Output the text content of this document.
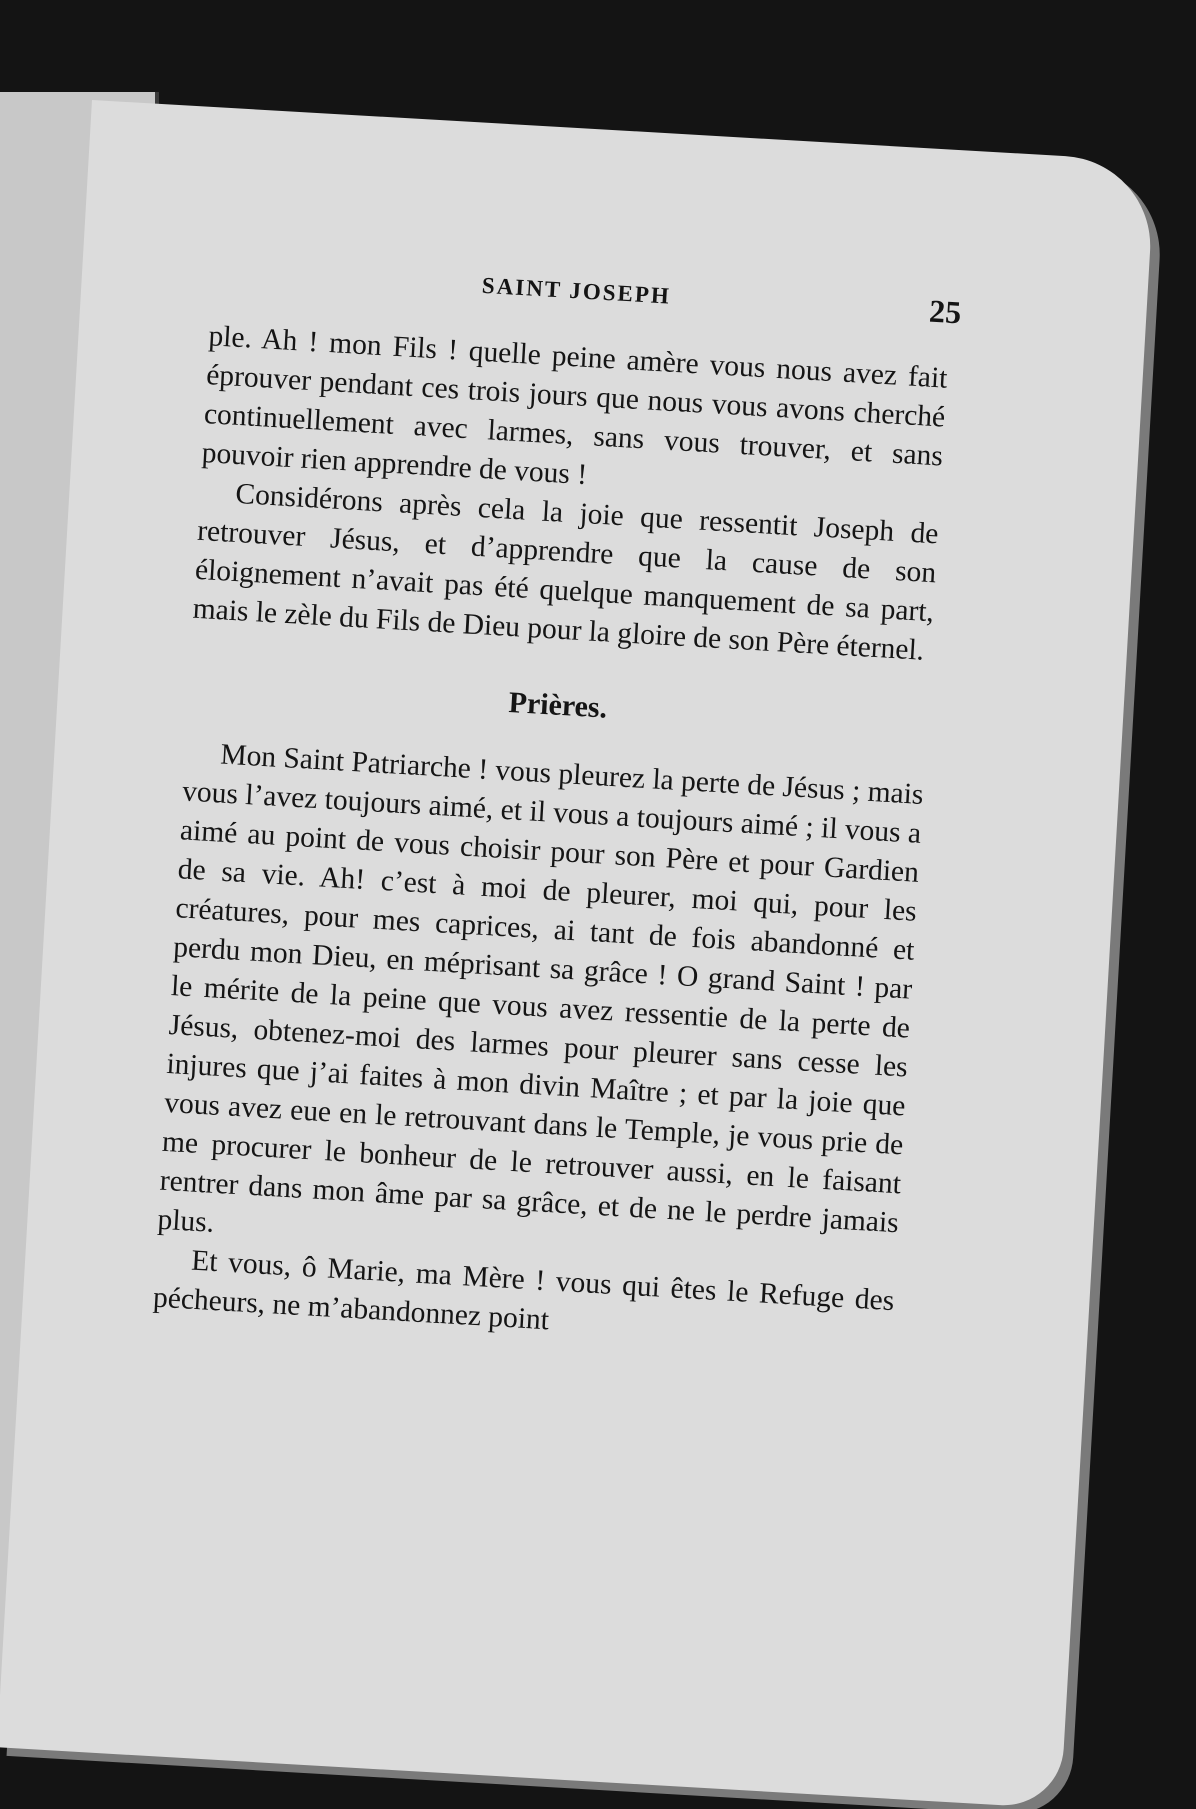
SAINT JOSEPH
25

ple. Ah ! mon Fils ! quelle peine amère vous nous avez fait éprouver pendant ces trois jours que nous vous avons cherché continuellement avec larmes, sans vous trouver, et sans pouvoir rien apprendre de vous !

Considérons après cela la joie que ressentit Joseph de retrouver Jésus, et d’apprendre que la cause de son éloignement n’avait pas été quelque manquement de sa part, mais le zèle du Fils de Dieu pour la gloire de son Père éternel.

Prières.

Mon Saint Patriarche ! vous pleurez la perte de Jésus ; mais vous l’avez toujours aimé, et il vous a toujours aimé ; il vous a aimé au point de vous choisir pour son Père et pour Gardien de sa vie. Ah! c’est à moi de pleurer, moi qui, pour les créatures, pour mes caprices, ai tant de fois abandonné et perdu mon Dieu, en méprisant sa grâce ! O grand Saint ! par le mérite de la peine que vous avez ressentie de la perte de Jésus, obtenez-moi des larmes pour pleurer sans cesse les injures que j’ai faites à mon divin Maître ; et par la joie que vous avez eue en le retrouvant dans le Temple, je vous prie de me procurer le bonheur de le retrouver aussi, en le faisant rentrer dans mon âme par sa grâce, et de ne le perdre jamais plus.

Et vous, ô Marie, ma Mère ! vous qui êtes le Refuge des pécheurs, ne m’abandonnez point
